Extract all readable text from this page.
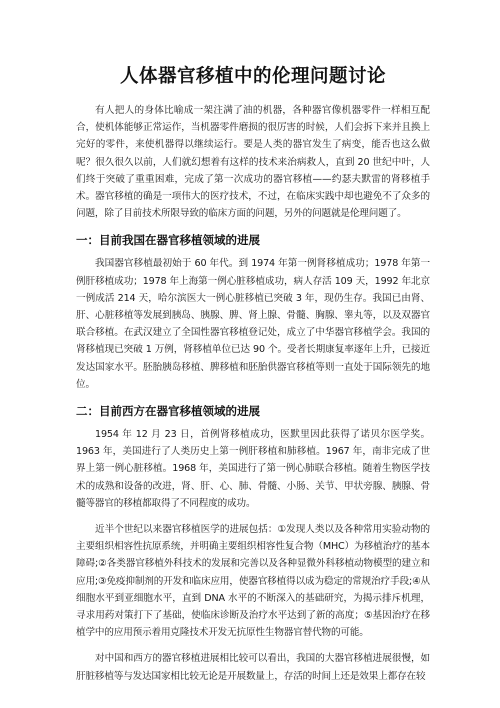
人体器官移植中的伦理问题讨论

有人把人的身体比喻成一架注满了油的机器，各种器官像机器零件一样相互配合，使机体能够正常运作，当机器零件磨损的很厉害的时候，人们会拆下来并且换上完好的零件，来使机器得以继续运行。要是人类的器官发生了病变，能否也这么做呢？很久很久以前，人们就幻想着有这样的技术来治病救人，直到 20 世纪中叶，人们终于突破了重重困难，完成了第一次成功的器官移植——约瑟夫默雷的肾移植手术。器官移植的确是一项伟大的医疗技术，不过，在临床实践中却也避免不了众多的问题，除了目前技术所限导致的临床方面的问题，另外的问题就是伦理问题了。

一：目前我国在器官移植领域的进展

我国器官移植最初始于 60 年代。到 1974 年第一例肾移植成功；1978 年第一例肝移植成功；1978 年上海第一例心脏移植成功，病人存活 109 天，1992 年北京一例成活 214 天，哈尔滨医大一例心脏移植已突破 3 年，现仍生存。我国已由肾、肝、心脏移植等发展到胰岛、胰腺、脾、肾上腺、骨髓、胸腺、睾丸等，以及双器官联合移植。在武汉建立了全国性器官移植登记处，成立了中华器官移植学会。我国的肾移植现已突破 1 万例，肾移植单位已达 90 个。受者长期康复率逐年上升，已接近发达国家水平。胚胎胰岛移植、脾移植和胚胎供器官移植等则一直处于国际领先的地位。

二：目前西方在器官移植领域的进展

1954 年 12 月 23 日，首例肾移植成功，医默里因此获得了诺贝尔医学奖。1963 年，美国进行了人类历史上第一例肝移植和肺移植。1967 年，南非完成了世界上第一例心脏移植。1968 年，美国进行了第一例心肺联合移植。随着生物医学技术的成熟和设备的改进，肾、肝、心、肺、骨髓、小肠、关节、甲状旁腺、胰腺、骨髓等器官的移植都取得了不同程度的成功。

近半个世纪以来器官移植医学的进展包括：①发现人类以及各种常用实验动物的主要组织相容性抗原系统，并明确主要组织相容性复合物（MHC）为移植治疗的基本障碍;②各类器官移植外科技术的发展和完善以及各种显微外科移植动物模型的建立和应用;③免疫抑制剂的开发和临床应用，使器官移植得以成为稳定的常规治疗手段;④从细胞水平到亚细胞水平，直到 DNA 水平的不断深入的基础研究，为揭示排斥机理，寻求用药对策打下了基础，使临床诊断及治疗水平达到了新的高度；⑤基因治疗在移植学中的应用预示着用克隆技术开发无抗原性生物器官替代物的可能。

对中国和西方的器官移植进展相比较可以看出，我国的大器官移植进展很慢，如肝脏移植等与发达国家相比较无论是开展数量上，存活的时间上还是效果上都存在较
